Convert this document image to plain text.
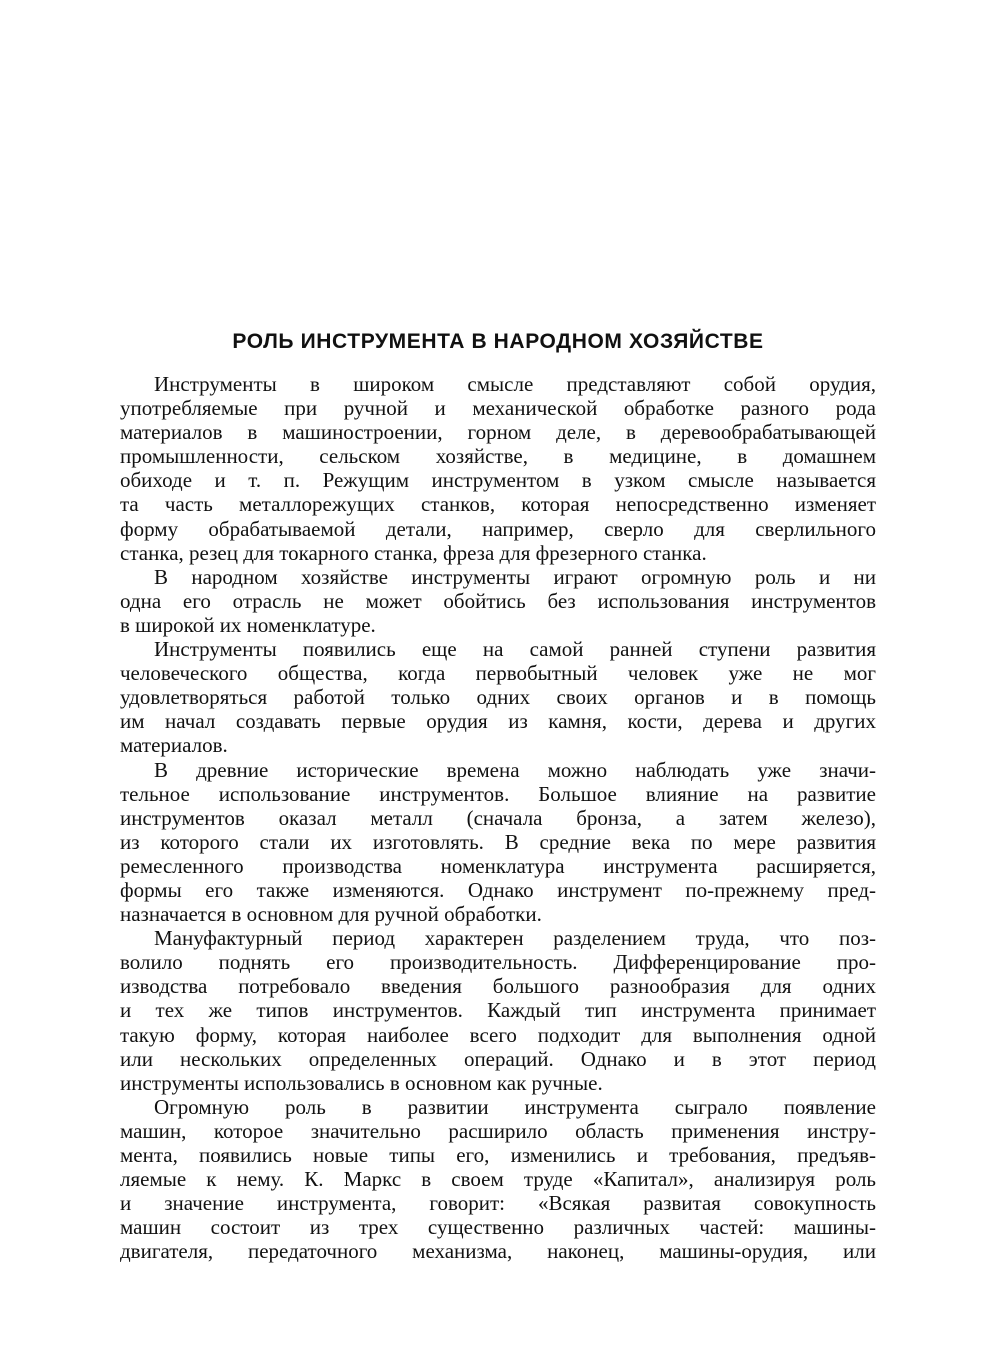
РОЛЬ ИНСТРУМЕНТА В НАРОДНОМ ХОЗЯЙСТВЕ
Инструменты в широком смысле представляют собой орудия,
употребляемые при ручной и механической обработке разного рода
материалов в машиностроении, горном деле, в деревообрабатывающей
промышленности, сельском хозяйстве, в медицине, в домашнем
обиходе и т. п. Режущим инструментом в узком смысле называется
та часть металлорежущих станков, которая непосредственно изменяет
форму обрабатываемой детали, например, сверло для сверлильного
станка, резец для токарного станка, фреза для фрезерного станка.
В народном хозяйстве инструменты играют огромную роль и ни
одна его отрасль не может обойтись без использования инструментов
в широкой их номенклатуре.
Инструменты появились еще на самой ранней ступени развития
человеческого общества, когда первобытный человек уже не мог
удовлетворяться работой только одних своих органов и в помощь
им начал создавать первые орудия из камня, кости, дерева и других
материалов.
В древние исторические времена можно наблюдать уже значи-
тельное использование инструментов. Большое влияние на развитие
инструментов оказал металл (сначала бронза, а затем железо),
из которого стали их изготовлять. В средние века по мере развития
ремесленного производства номенклатура инструмента расширяется,
формы его также изменяются. Однако инструмент по-прежнему пред-
назначается в основном для ручной обработки.
Мануфактурный период характерен разделением труда, что поз-
волило поднять его производительность. Дифференцирование про-
изводства потребовало введения большого разнообразия для одних
и тех же типов инструментов. Каждый тип инструмента принимает
такую форму, которая наиболее всего подходит для выполнения одной
или нескольких определенных операций. Однако и в этот период
инструменты использовались в основном как ручные.
Огромную роль в развитии инструмента сыграло появление
машин, которое значительно расширило область применения инстру-
мента, появились новые типы его, изменились и требования, предъяв-
ляемые к нему. К. Маркс в своем труде «Капитал», анализируя роль
и значение инструмента, говорит: «Всякая развитая совокупность
машин состоит из трех существенно различных частей: машины-
двигателя, передаточного механизма, наконец, машины-орудия, или
